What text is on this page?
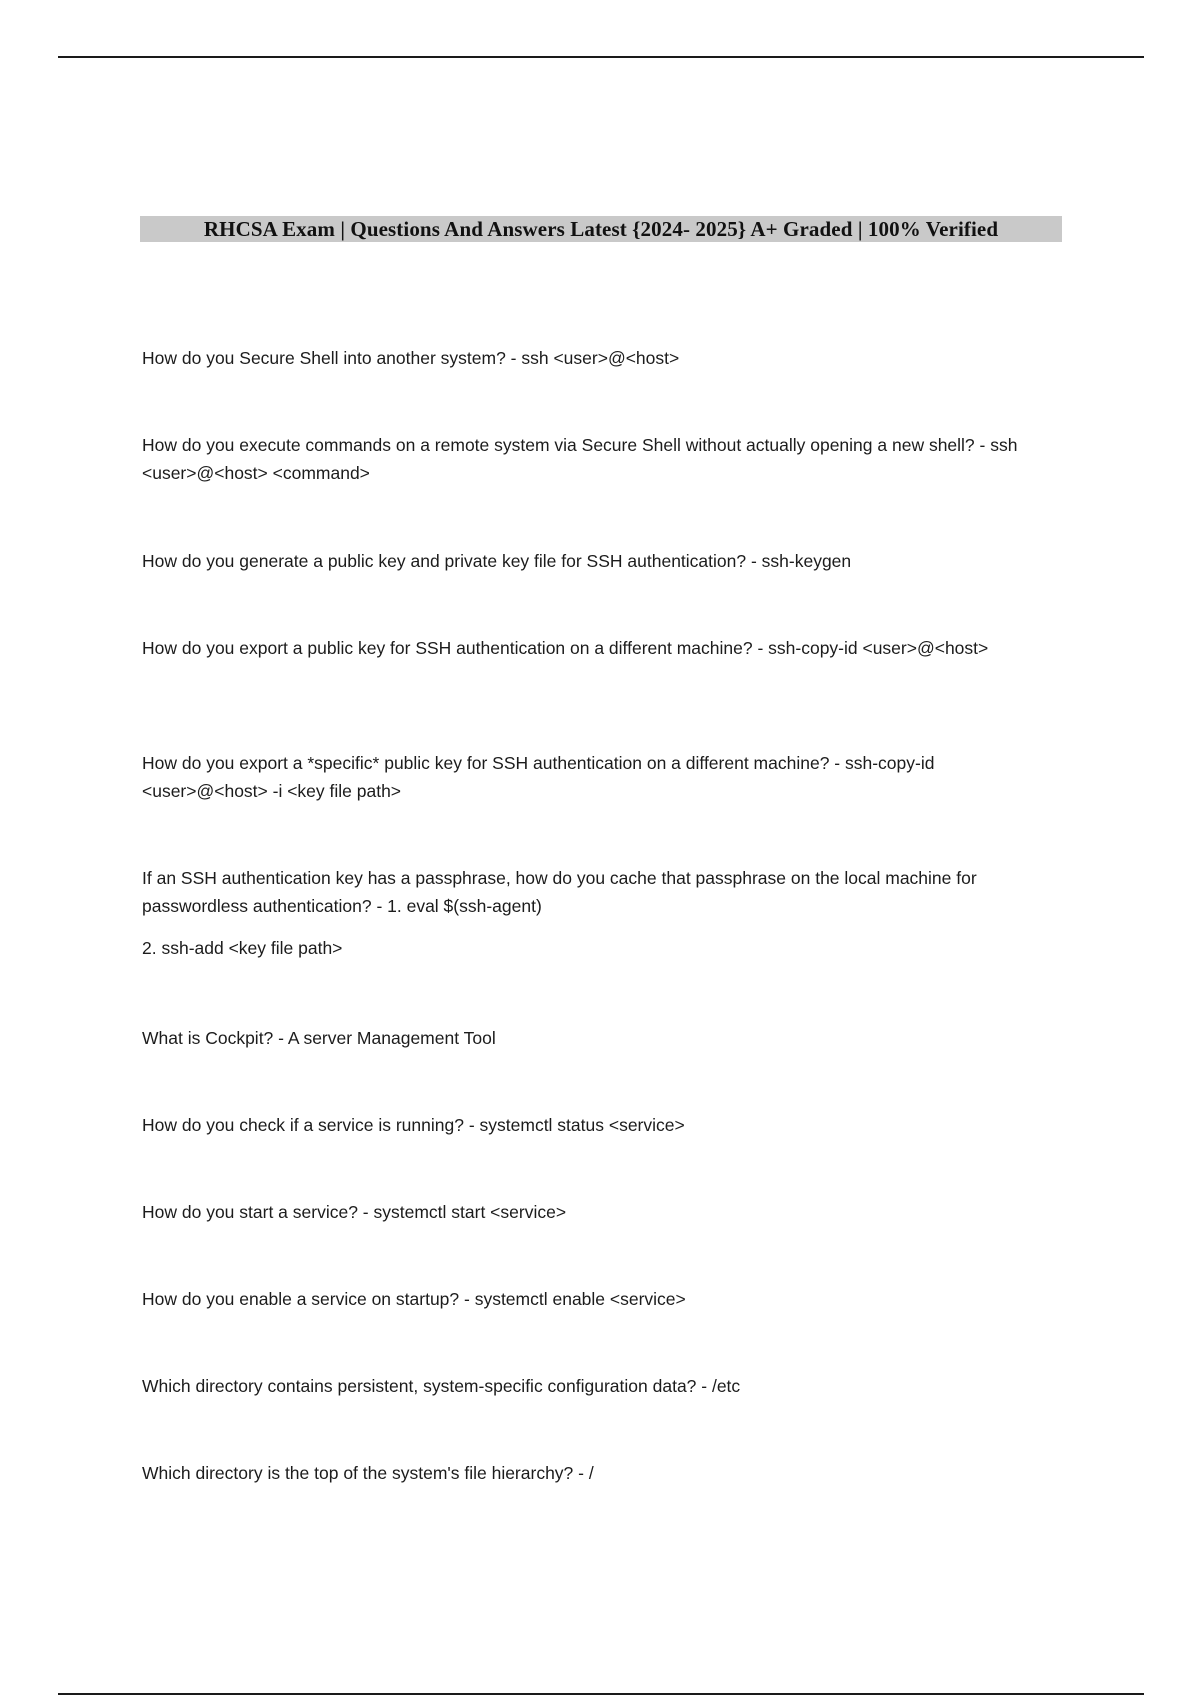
RHCSA Exam | Questions And Answers Latest {2024- 2025} A+ Graded | 100% Verified

How do you Secure Shell into another system? - ssh <user>@<host>

How do you execute commands on a remote system via Secure Shell without actually opening a new shell? - ssh <user>@<host> <command>

How do you generate a public key and private key file for SSH authentication? - ssh-keygen

How do you export a public key for SSH authentication on a different machine? - ssh-copy-id <user>@<host>

How do you export a *specific* public key for SSH authentication on a different machine? - ssh-copy-id <user>@<host> -i <key file path>

If an SSH authentication key has a passphrase, how do you cache that passphrase on the local machine for passwordless authentication? - 1. eval $(ssh-agent)

2. ssh-add <key file path>

What is Cockpit? - A server Management Tool

How do you check if a service is running? - systemctl status <service>

How do you start a service? - systemctl start <service>

How do you enable a service on startup? - systemctl enable <service>

Which directory contains persistent, system-specific configuration data? - /etc

Which directory is the top of the system's file hierarchy? - /
